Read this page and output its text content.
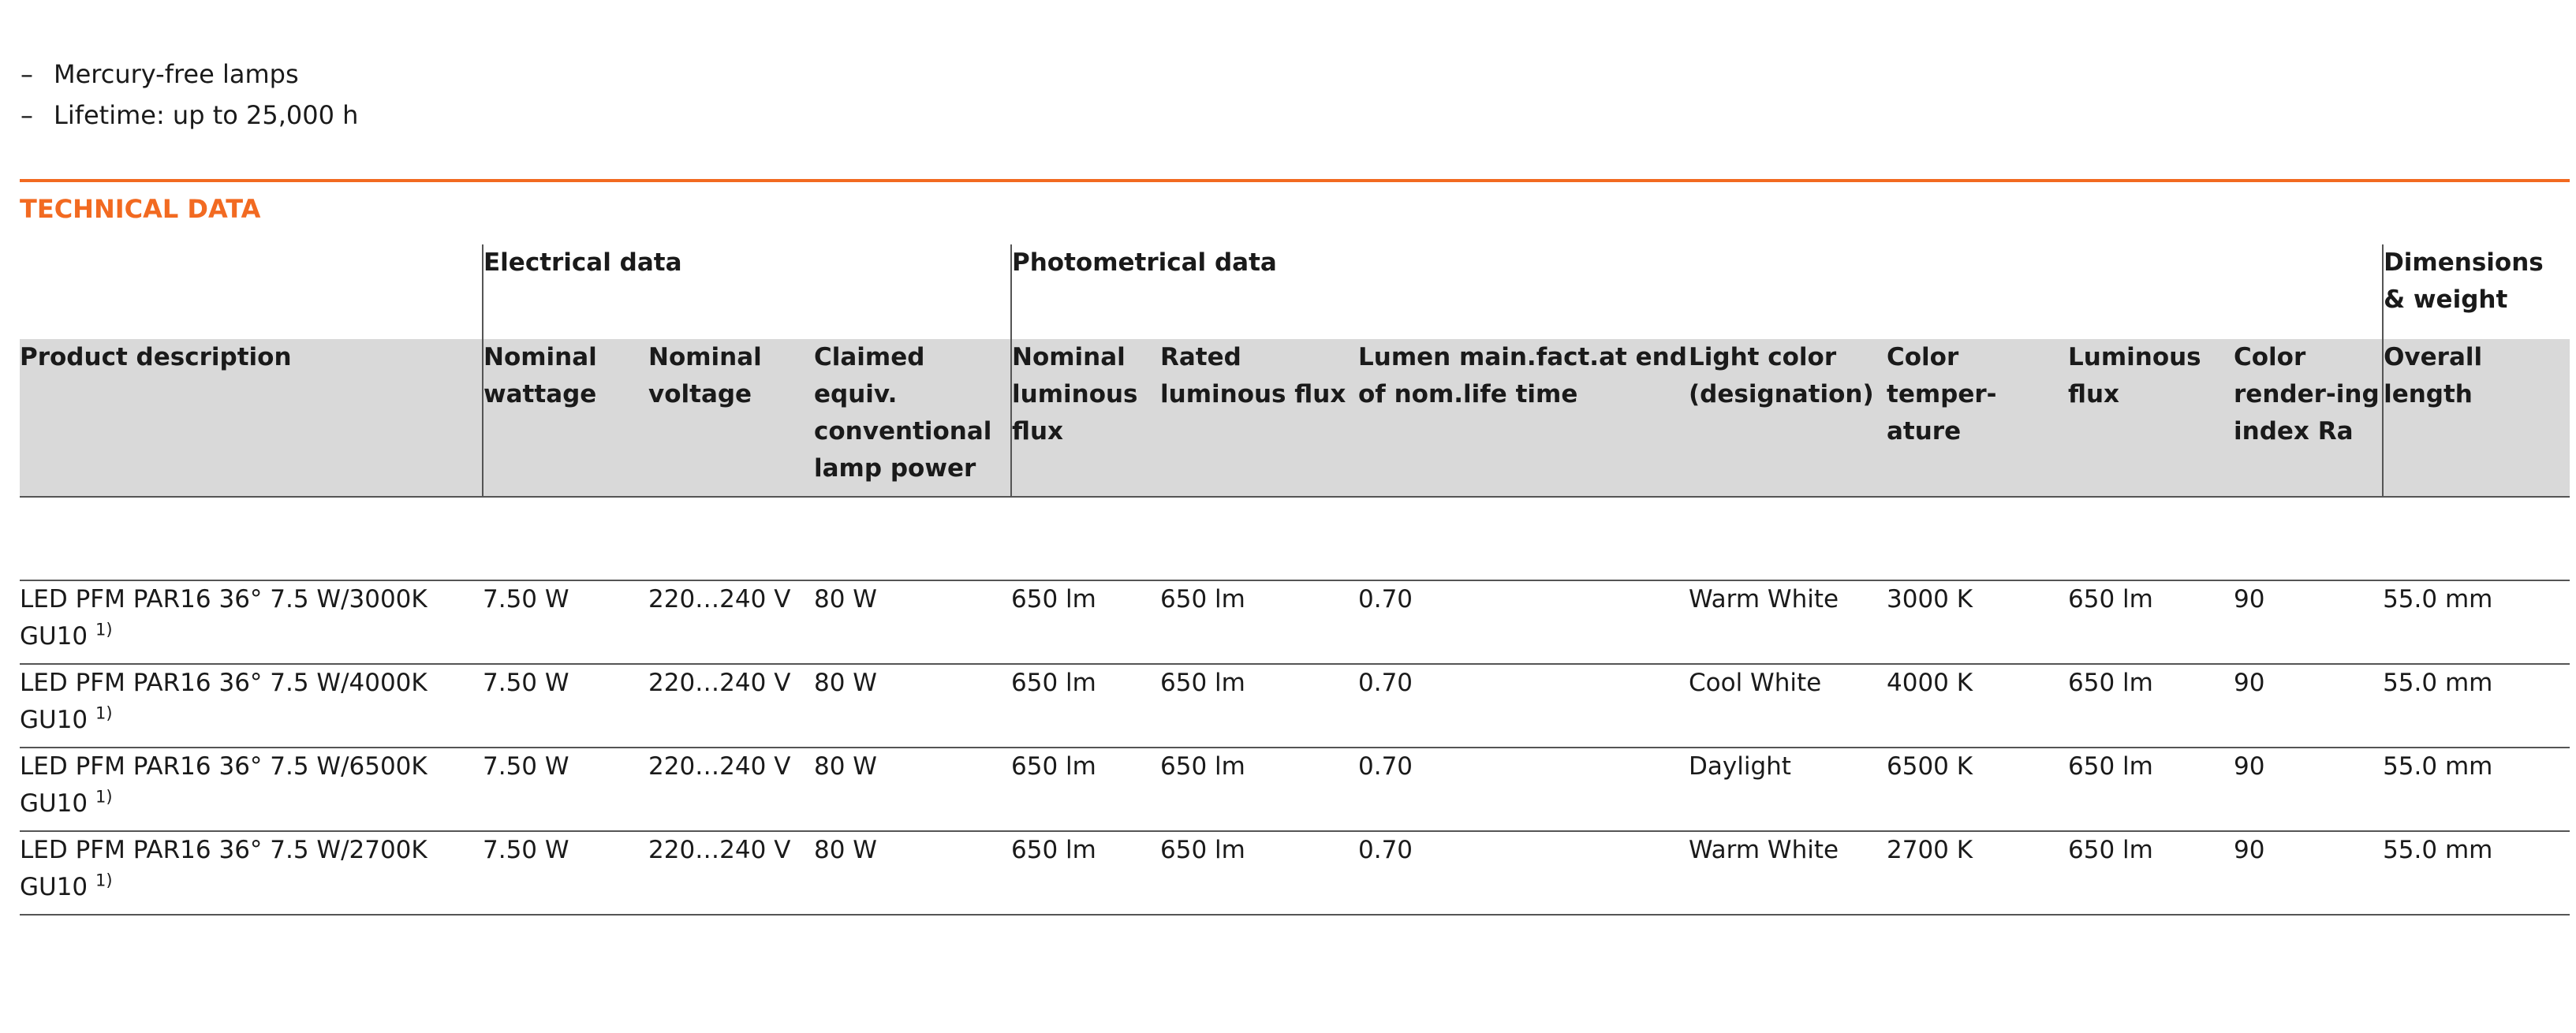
– Mercury-free lamps
– Lifetime: up to 25,000 h
TECHNICAL DATA
	Electrical data			Photometrical data							Dimensions & weight
Product description	Nominal wattage	Nominal voltage	Claimed equiv. conventional lamp power	Nominal luminous flux	Rated luminous flux	Lumen main.fact.at end of nom.life time	Light color (designation)	Color temper-ature	Luminous flux	Color render-ing index Ra	Overall length

LED PFM PAR16 36° 7.5 W/3000K GU10 $^{1)}$	7.50 W	220…240 V	80 W	650 lm	650 lm	0.70	Warm White	3000 K	650 lm	90	55.0 mm
LED PFM PAR16 36° 7.5 W/4000K GU10 $^{1)}$	7.50 W	220…240 V	80 W	650 lm	650 lm	0.70	Cool White	4000 K	650 lm	90	55.0 mm
LED PFM PAR16 36° 7.5 W/6500K GU10 $^{1)}$	7.50 W	220…240 V	80 W	650 lm	650 lm	0.70	Daylight	6500 K	650 lm	90	55.0 mm
LED PFM PAR16 36° 7.5 W/2700K GU10 $^{1)}$	7.50 W	220…240 V	80 W	650 lm	650 lm	0.70	Warm White	2700 K	650 lm	90	55.0 mm
